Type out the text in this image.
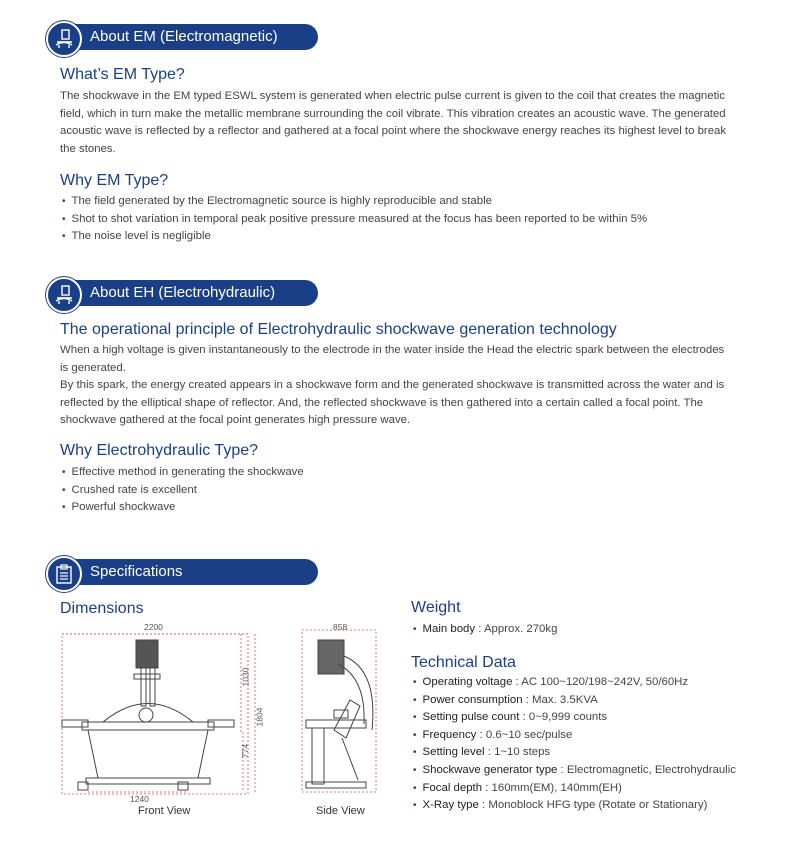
About EM (Electromagnetic)
What’s EM Type?

The shockwave in the EM typed ESWL system is generated when electric pulse current is given to the coil that creates the magnetic field, which in turn make the metallic membrane surrounding the coil vibrate. This vibration creates an acoustic wave. The generated acoustic wave is reflected by a reflector and gathered at a focal point where the shockwave energy reaches its highest level to break the stones.

Why EM Type?
• The field generated by the Electromagnetic source is highly reproducible and stable
• Shot to shot variation in temporal peak positive pressure measured at the focus has been reported to be within 5%
• The noise level is negligible
About EH (Electrohydraulic)
The operational principle of Electrohydraulic shockwave generation technology

When a high voltage is given instantaneously to the electrode in the water inside the Head the electric spark between the electrodes is generated.

By this spark, the energy created appears in a shockwave form and the generated shockwave is transmitted across the water and is reflected by the elliptical shape of reflector. And, the reflected shockwave is then gathered into a certain called a focal point. The shockwave gathered at the focal point generates high pressure wave.

Why Electrohydraulic Type?
• Effective method in generating the shockwave
• Crushed rate is excellent
• Powerful shockwave
Specifications
Dimensions
2200
1240
1030
1804
774
Front View
858
Side View
Weight
• Main body : Approx. 270kg
Technical Data
• Operating voltage : AC 100~120/198~242V, 50/60Hz
• Power consumption : Max. 3.5KVA
• Setting pulse count : 0~9,999 counts
• Frequency : 0.6~10 sec/pulse
• Setting level : 1~10 steps
• Shockwave generator type : Electromagnetic, Electrohydraulic
• Focal depth : 160mm(EM), 140mm(EH)
• X-Ray type : Monoblock HFG type (Rotate or Stationary)
